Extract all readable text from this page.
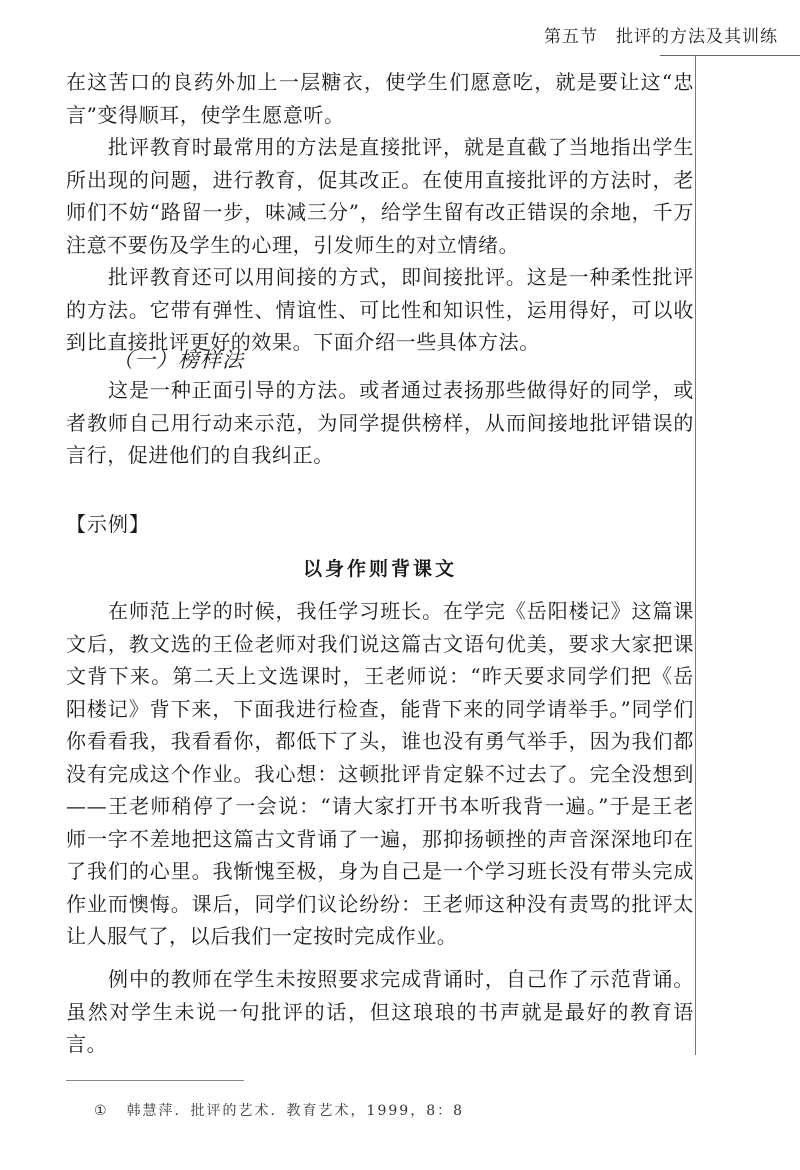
第五节　批评的方法及其训练

在这苦口的良药外加上一层糖衣，使学生们愿意吃，就是要让这“忠言”变得顺耳，使学生愿意听。

批评教育时最常用的方法是直接批评，就是直截了当地指出学生所出现的问题，进行教育，促其改正。在使用直接批评的方法时，老师们不妨“路留一步，味减三分”，给学生留有改正错误的余地，千万注意不要伤及学生的心理，引发师生的对立情绪。

批评教育还可以用间接的方式，即间接批评。这是一种柔性批评的方法。它带有弹性、情谊性、可比性和知识性，运用得好，可以收到比直接批评更好的效果。下面介绍一些具体方法。

（一）榜样法

这是一种正面引导的方法。或者通过表扬那些做得好的同学，或者教师自己用行动来示范，为同学提供榜样，从而间接地批评错误的言行，促进他们的自我纠正。

【示例】
以身作则背课文

在师范上学的时候，我任学习班长。在学完《岳阳楼记》这篇课文后，教文选的王俭老师对我们说这篇古文语句优美，要求大家把课文背下来。第二天上文选课时，王老师说：“昨天要求同学们把《岳阳楼记》背下来，下面我进行检查，能背下来的同学请举手。”同学们你看看我，我看看你，都低下了头，谁也没有勇气举手，因为我们都没有完成这个作业。我心想：这顿批评肯定躲不过去了。完全没想到——王老师稍停了一会说：“请大家打开书本听我背一遍。”于是王老师一字不差地把这篇古文背诵了一遍，那抑扬顿挫的声音深深地印在了我们的心里。我惭愧至极，身为自己是一个学习班长没有带头完成作业而懊悔。课后，同学们议论纷纷：王老师这种没有责骂的批评太让人服气了，以后我们一定按时完成作业。

例中的教师在学生未按照要求完成背诵时，自己作了示范背诵。虽然对学生未说一句批评的话，但这琅琅的书声就是最好的教育语言。

① 韩慧萍．批评的艺术．教育艺术，1999，8：8
